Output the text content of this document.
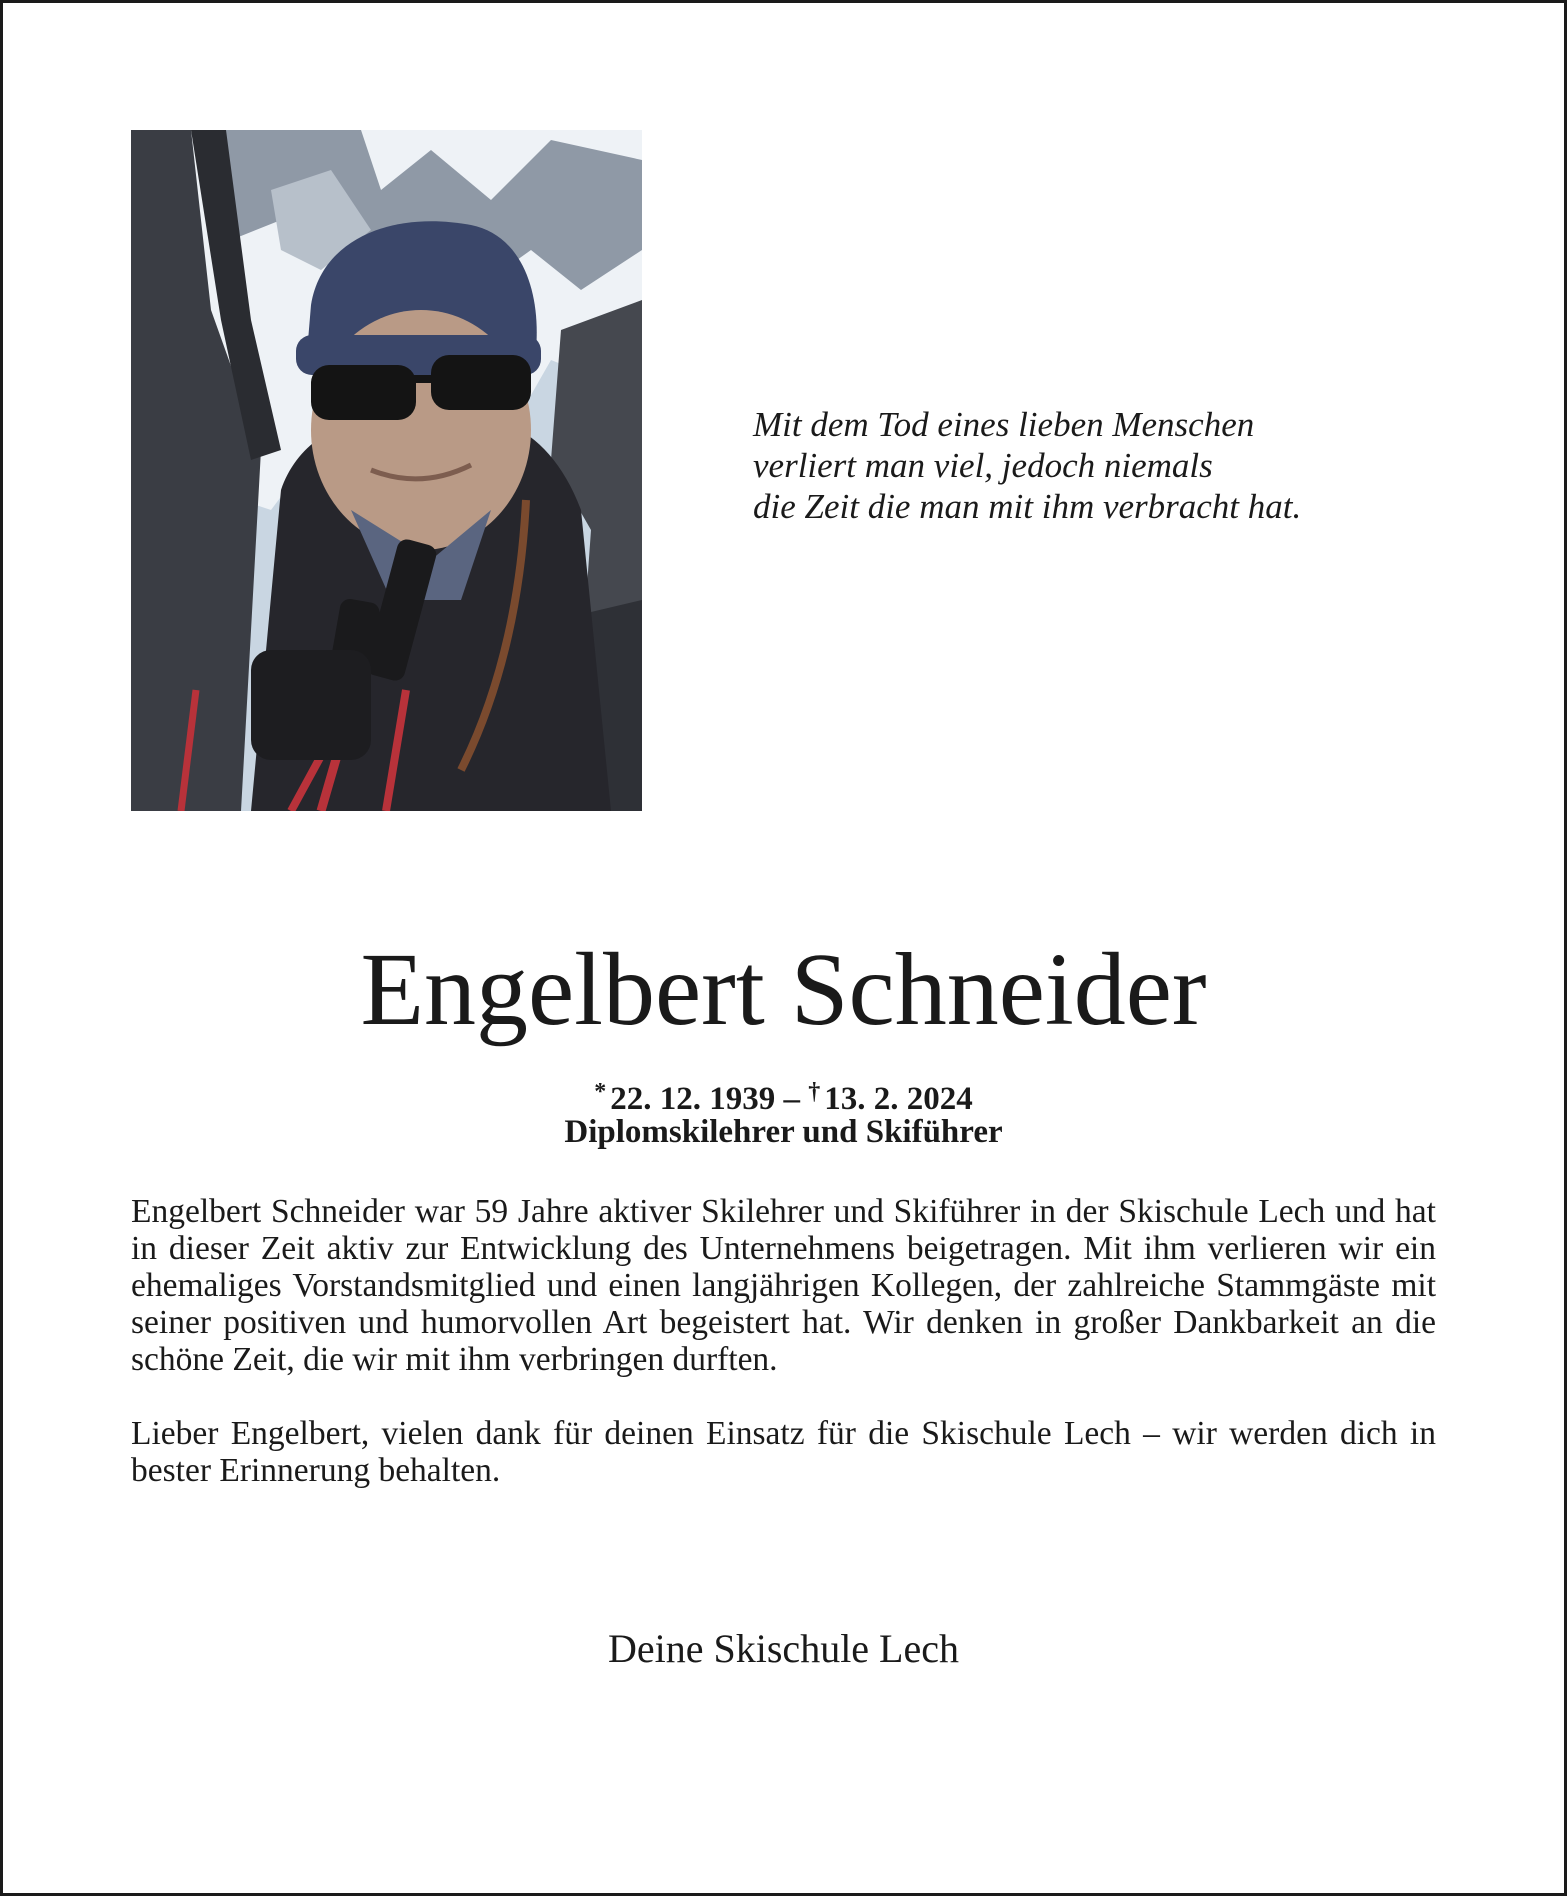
Mit dem Tod eines lieben Menschen
verliert man viel, jedoch niemals
die Zeit die man mit ihm verbracht hat.
Engelbert Schneider
* 22. 12. 1939 – † 13. 2. 2024
Diplomskilehrer und Skiführer

Engelbert Schneider war 59 Jahre aktiver Skilehrer und Skiführer in der Skischule Lech und hat in dieser Zeit aktiv zur Entwicklung des Unternehmens beigetragen. Mit ihm verlieren wir ein ehemaliges Vorstandsmitglied und einen langjährigen Kollegen, der zahlreiche Stammgäste mit seiner positiven und humorvollen Art begeistert hat. Wir denken in großer Dankbarkeit an die schöne Zeit, die wir mit ihm verbringen durften.

Lieber Engelbert, vielen dank für deinen Einsatz für die Skischule Lech – wir werden dich in bester Erinnerung behalten.

Deine Skischule Lech
